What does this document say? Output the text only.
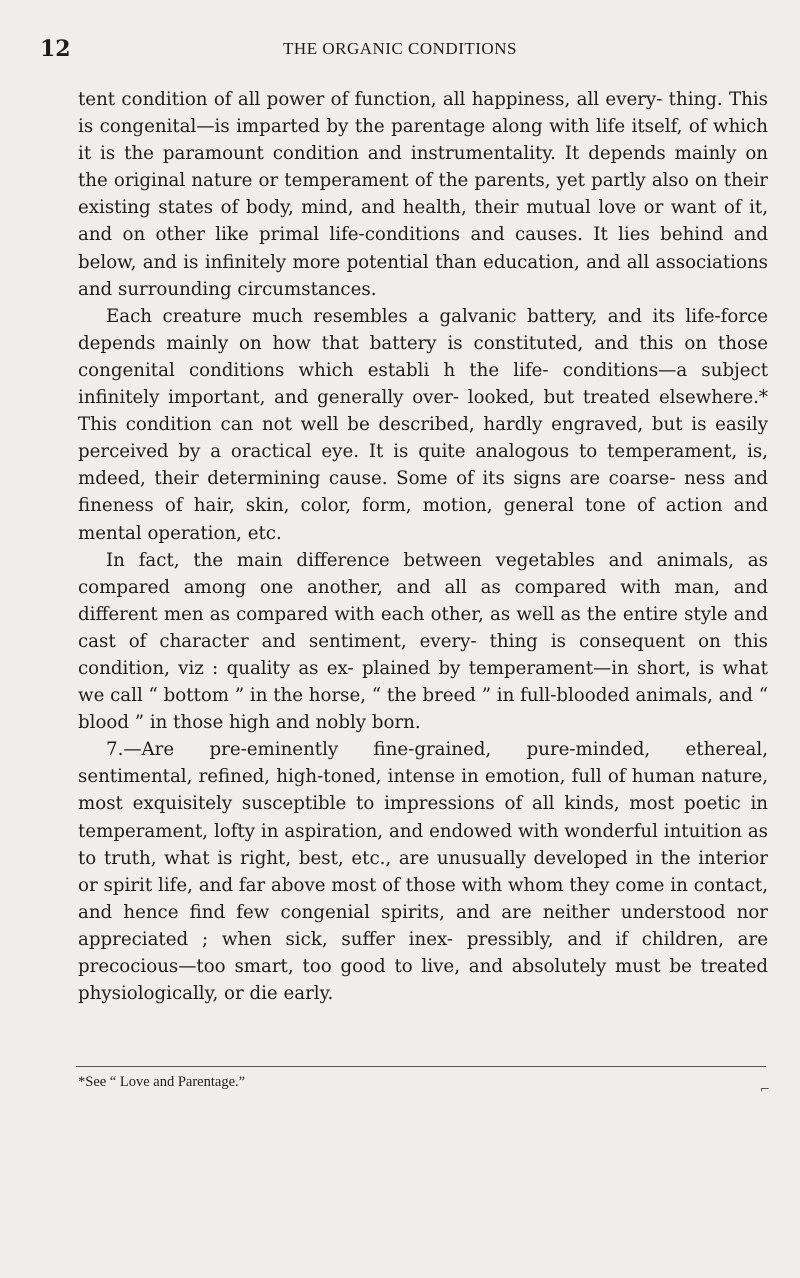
12	THE ORGANIC CONDITIONS

tent condition of all power of function, all happiness, all every- thing. This is congenital—is imparted by the parentage along with life itself, of which it is the paramount condition and instrumentality. It depends mainly on the original nature or temperament of the parents, yet partly also on their existing states of body, mind, and health, their mutual love or want of it, and on other like primal life-conditions and causes. It lies behind and below, and is infinitely more potential than education, and all associations and surrounding circumstances.

Each creature much resembles a galvanic battery, and its life-force depends mainly on how that battery is constituted, and this on those congenital conditions which establi h the life- conditions—a subject infinitely important, and generally over- looked, but treated elsewhere.* This condition can not well be described, hardly engraved, but is easily perceived by a oractical eye. It is quite analogous to temperament, is, mdeed, their determining cause. Some of its signs are coarse- ness and fineness of hair, skin, color, form, motion, general tone of action and mental operation, etc.

In fact, the main difference between vegetables and animals, as compared among one another, and all as compared with man, and different men as compared with each other, as well as the entire style and cast of character and sentiment, every- thing is consequent on this condition, viz : quality as ex- plained by temperament—in short, is what we call “ bottom ” in the horse, “ the breed ” in full-blooded animals, and “ blood ” in those high and nobly born.

7.—Are pre-eminently fine-grained, pure-minded, ethereal, sentimental, refined, high-toned, intense in emotion, full of human nature, most exquisitely susceptible to impressions of all kinds, most poetic in temperament, lofty in aspiration, and endowed with wonderful intuition as to truth, what is right, best, etc., are unusually developed in the interior or spirit life, and far above most of those with whom they come in contact, and hence find few congenial spirits, and are neither understood nor appreciated ; when sick, suffer inex- pressibly, and if children, are precocious—too smart, too good to live, and absolutely must be treated physiologically, or die early.

*See “ Love and Parentage.”	⌐
